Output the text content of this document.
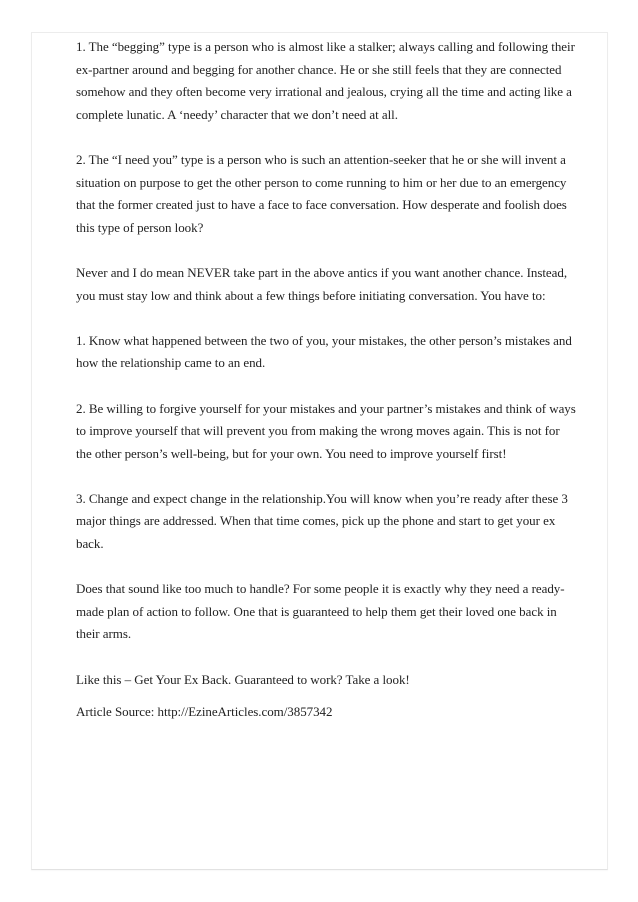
1. The “begging” type is a person who is almost like a stalker; always calling and following their ex-partner around and begging for another chance. He or she still feels that they are connected somehow and they often become very irrational and jealous, crying all the time and acting like a complete lunatic. A ‘needy’ character that we don’t need at all.

2. The “I need you” type is a person who is such an attention-seeker that he or she will invent a situation on purpose to get the other person to come running to him or her due to an emergency that the former created just to have a face to face conversation. How desperate and foolish does this type of person look?

Never and I do mean NEVER take part in the above antics if you want another chance. Instead, you must stay low and think about a few things before initiating conversation. You have to:

1. Know what happened between the two of you, your mistakes, the other person’s mistakes and how the relationship came to an end.

2. Be willing to forgive yourself for your mistakes and your partner’s mistakes and think of ways to improve yourself that will prevent you from making the wrong moves again. This is not for the other person’s well-being, but for your own. You need to improve yourself first!

3. Change and expect change in the relationship.You will know when you’re ready after these 3 major things are addressed. When that time comes, pick up the phone and start to get your ex back.

Does that sound like too much to handle? For some people it is exactly why they need a ready-made plan of action to follow. One that is guaranteed to help them get their loved one back in their arms.

Like this – Get Your Ex Back. Guaranteed to work? Take a look!

Article Source: http://EzineArticles.com/3857342
